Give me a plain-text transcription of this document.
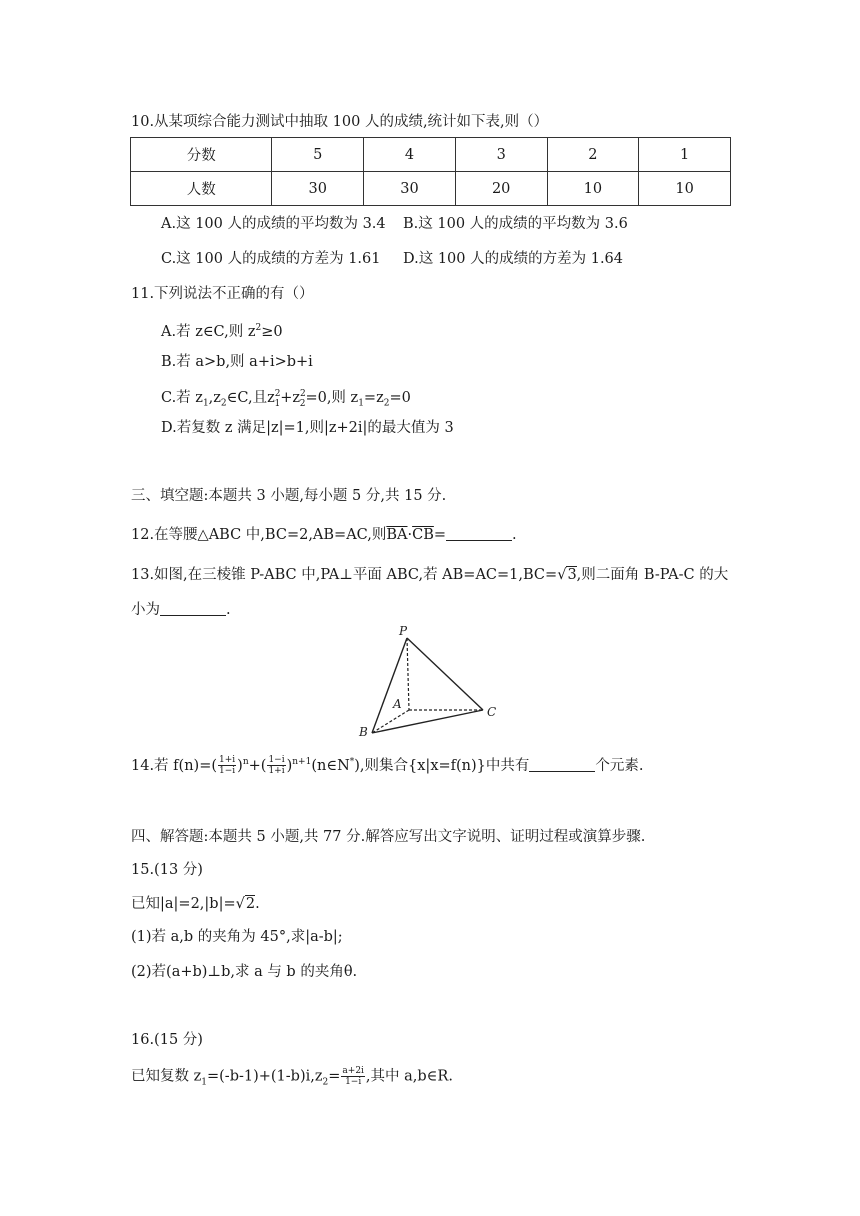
10.从某项综合能力测试中抽取 100 人的成绩,统计如下表,则（）
分数	5	4	3	2	1
人数	30	30	20	10	10
A.这 100 人的成绩的平均数为 3.4 B.这 100 人的成绩的平均数为 3.6
C.这 100 人的成绩的方差为 1.61 D.这 100 人的成绩的方差为 1.64
11.下列说法不正确的有（）
A.若 z∈C,则 $z^2\ge 0$
B.若 a>b,则 a+i>b+i
C.若 $z_1,z_2\in C$,且$z^2_1+z^2_2=0$,则 $z_1=z_2=0$
D.若复数 z 满足|z|=1,则|z+2i|的最大值为 3
三、填空题:本题共 3 小题,每小题 5 分,共 15 分.
12.在等腰△ABC 中,BC=2,AB=AC,则$\overline{BA}\cdot\overline{CB}=$	.
13.如图,在三棱锥 P-ABC 中,PA⊥平面 ABC,若 AB=AC=1,BC=√3,则二面角 B-PA-C 的大
小为	.
P
A
B
C
14.若 $f(n)=( \frac{1+i}{1-i} )^n+( \frac{1-i}{1+i}$ )$^{n+1}(n\in N^*)$,则集合{x|x=f(n)}中共有	个元素.
四、解答题:本题共 5 小题,共 77 分.解答应写出文字说明、证明过程或演算步骤.
15.(13 分)
已知|a|=2,|b|=√2.
(1)若 a,b 的夹角为 45°,求|a-b|;
(2)若(a+b)⊥b,求 a 与 b 的夹角θ.
16.(15 分)
已知复数 $z_1=(-b-1)+(1-b)i,z_2= \frac{a+2i}{1-i}$ ,其中 a,b∈R.
